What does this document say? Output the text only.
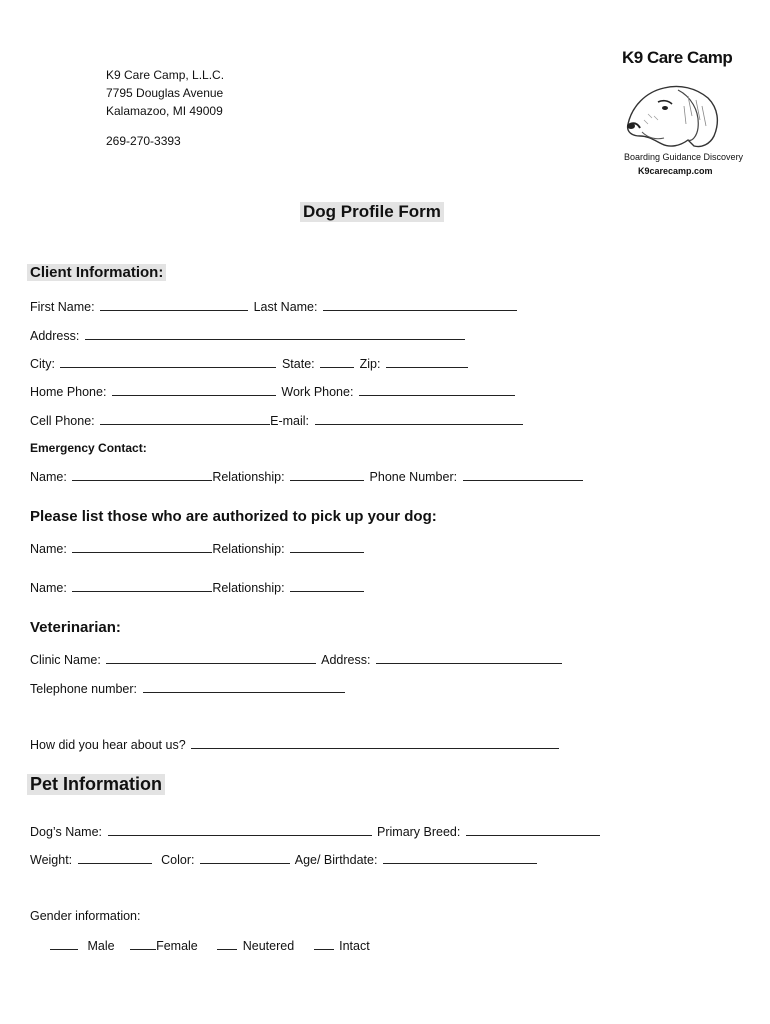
K9 Care Camp, L.L.C.
7795 Douglas Avenue
Kalamazoo, MI 49009
269-270-3393
K9 Care Camp
Boarding Guidance Discovery
K9carecamp.com
Dog Profile Form
Client Information:
First Name:	Last Name:
Address:
City:	State:	Zip:
Home Phone:	Work Phone:
Cell Phone:	E-mail:
Emergency Contact:
Name:	Relationship:	Phone Number:
Please list those who are authorized to pick up your dog:
Name:	Relationship:
Name:	Relationship:
Veterinarian:
Clinic Name:	Address:
Telephone number:
How did you hear about us?
Pet Information
Dog’s Name:	Primary Breed:
Weight:	Color:	Age/ Birthdate:
Gender information:
Male	Female	Neutered	Intact
